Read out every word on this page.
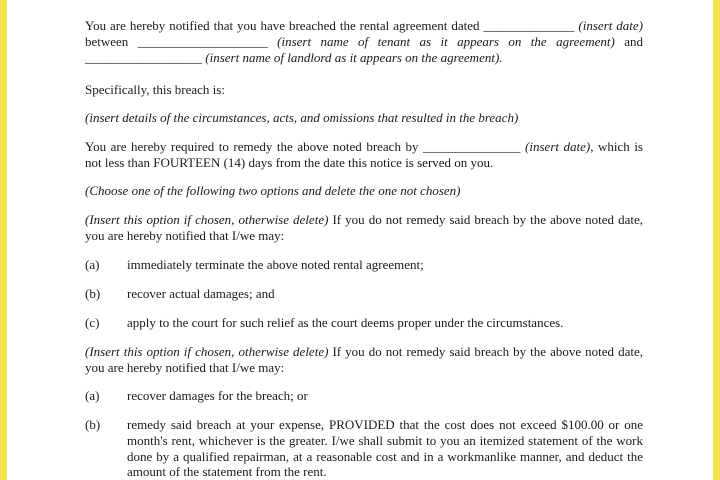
You are hereby notified that you have breached the rental agreement dated ______________ (insert date) between ____________________ (insert name of tenant as it appears on the agreement) and

__________________ (insert name of landlord as it appears on the agreement).

Specifically, this breach is:

(insert details of the circumstances, acts, and omissions that resulted in the breach)

You are hereby required to remedy the above noted breach by _______________ (insert date), which is not less than FOURTEEN (14) days from the date this notice is served on you.

(Choose one of the following two options and delete the one not chosen)

(Insert this option if chosen, otherwise delete) If you do not remedy said breach by the above noted date, you are hereby notified that I/we may:

(a)	immediately terminate the above noted rental agreement;
(b)	recover actual damages; and
(c)	apply to the court for such relief as the court deems proper under the circumstances.

(Insert this option if chosen, otherwise delete) If you do not remedy said breach by the above noted date, you are hereby notified that I/we may:

(a)	recover damages for the breach; or
(b)	remedy said breach at your expense, PROVIDED that the cost does not exceed $100.00 or one month's rent, whichever is the greater. I/we shall submit to you an itemized statement of the work done by a qualified repairman, at a reasonable cost and in a workmanlike manner, and deduct the amount of the statement from the rent.
